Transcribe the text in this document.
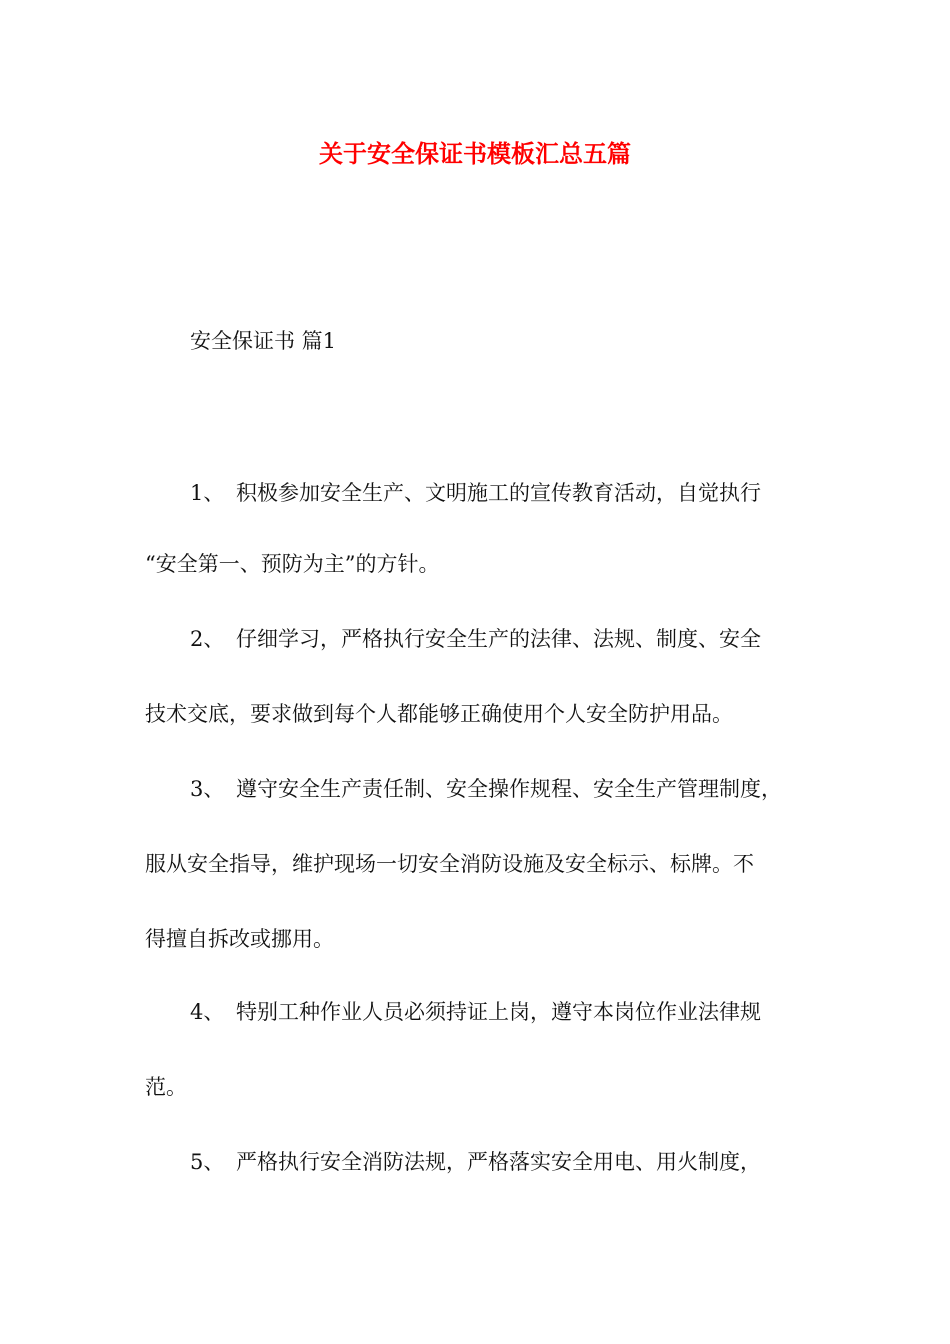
关于安全保证书模板汇总五篇

安全保证书 篇1

1、 积极参加安全生产、文明施工的宣传教育活动，自觉执行

“安全第一、预防为主”的方针。

2、 仔细学习，严格执行安全生产的法律、法规、制度、安全

技术交底，要求做到每个人都能够正确使用个人安全防护用品。

3、 遵守安全生产责任制、安全操作规程、安全生产管理制度，

服从安全指导，维护现场一切安全消防设施及安全标示、标牌。不

得擅自拆改或挪用。

4、 特别工种作业人员必须持证上岗，遵守本岗位作业法律规

范。

5、 严格执行安全消防法规，严格落实安全用电、用火制度，
